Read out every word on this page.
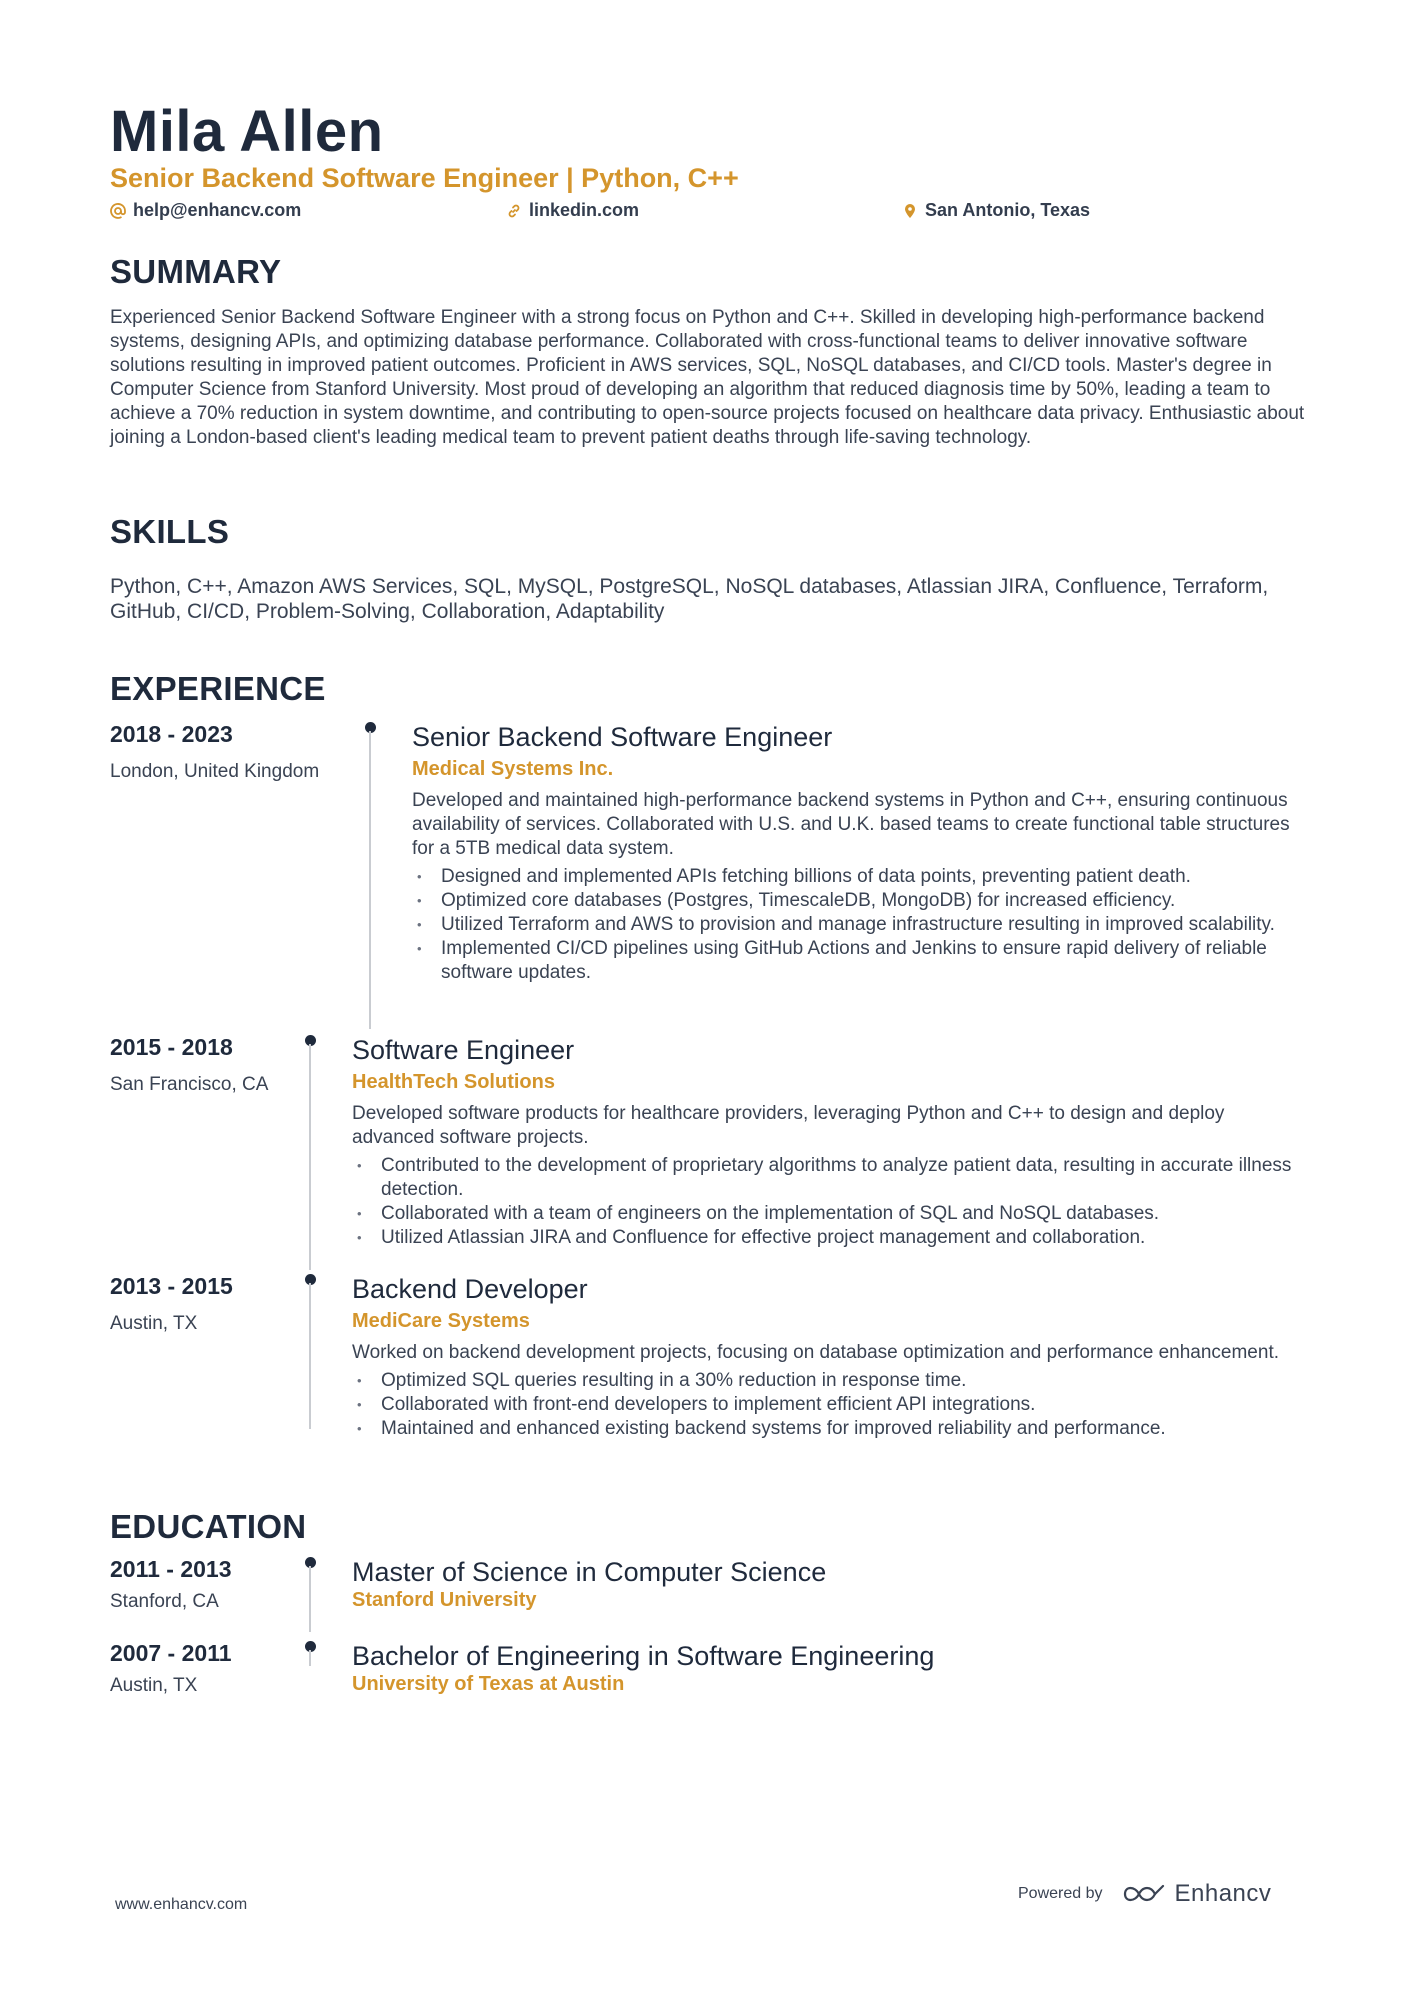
Mila Allen
Senior Backend Software Engineer | Python, C++
help@enhancv.com	linkedin.com	San Antonio, Texas
SUMMARY

Experienced Senior Backend Software Engineer with a strong focus on Python and C++. Skilled in developing high-performance backend systems, designing APIs, and optimizing database performance. Collaborated with cross-functional teams to deliver innovative software solutions resulting in improved patient outcomes. Proficient in AWS services, SQL, NoSQL databases, and CI/CD tools. Master's degree in Computer Science from Stanford University. Most proud of developing an algorithm that reduced diagnosis time by 50%, leading a team to achieve a 70% reduction in system downtime, and contributing to open-source projects focused on healthcare data privacy. Enthusiastic about joining a London-based client's leading medical team to prevent patient deaths through life-saving technology.

SKILLS

Python, C++, Amazon AWS Services, SQL, MySQL, PostgreSQL, NoSQL databases, Atlassian JIRA, Confluence, Terraform, GitHub, CI/CD, Problem-Solving, Collaboration, Adaptability

EXPERIENCE
2018 - 2023
London, United Kingdom
Senior Backend Software Engineer
Medical Systems Inc.
Developed and maintained high-performance backend systems in Python and C++, ensuring continuous availability of services. Collaborated with U.S. and U.K. based teams to create functional table structures for a 5TB medical data system.
• Designed and implemented APIs fetching billions of data points, preventing patient death.
• Optimized core databases (Postgres, TimescaleDB, MongoDB) for increased efficiency.
• Utilized Terraform and AWS to provision and manage infrastructure resulting in improved scalability.
• Implemented CI/CD pipelines using GitHub Actions and Jenkins to ensure rapid delivery of reliable software updates.
2015 - 2018
San Francisco, CA
Software Engineer
HealthTech Solutions
Developed software products for healthcare providers, leveraging Python and C++ to design and deploy advanced software projects.
• Contributed to the development of proprietary algorithms to analyze patient data, resulting in accurate illness detection.
• Collaborated with a team of engineers on the implementation of SQL and NoSQL databases.
• Utilized Atlassian JIRA and Confluence for effective project management and collaboration.
2013 - 2015
Austin, TX
Backend Developer
MediCare Systems
Worked on backend development projects, focusing on database optimization and performance enhancement.
• Optimized SQL queries resulting in a 30% reduction in response time.
• Collaborated with front-end developers to implement efficient API integrations.
• Maintained and enhanced existing backend systems for improved reliability and performance.
EDUCATION
2011 - 2013
Stanford, CA
Master of Science in Computer Science
Stanford University
2007 - 2011
Austin, TX
Bachelor of Engineering in Software Engineering
University of Texas at Austin
www.enhancv.com
Powered by	Enhancv
